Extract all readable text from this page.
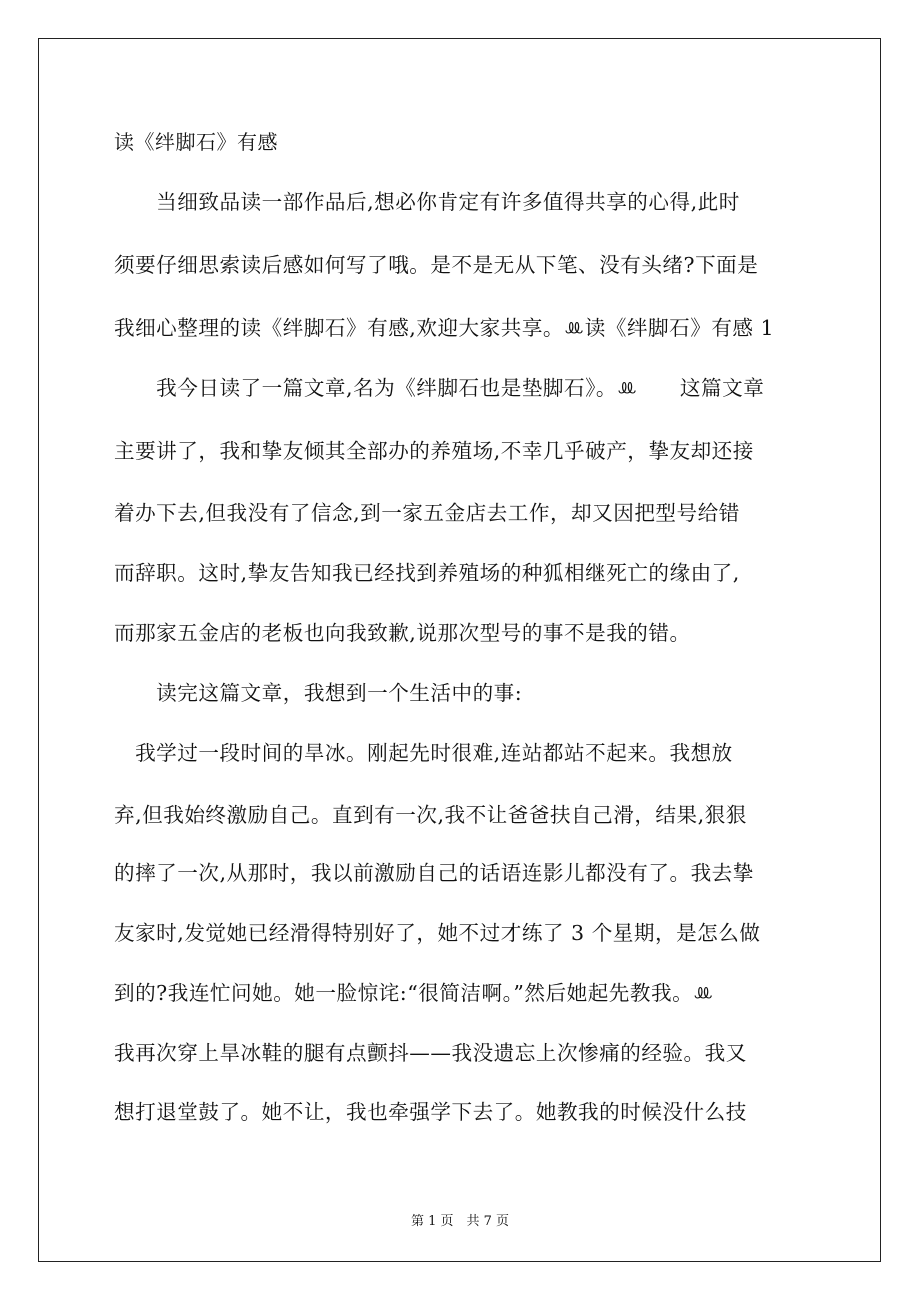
读《绊脚石》有感
　　当细致品读一部作品后,想必你肯定有许多值得共享的心得,此时
须要仔细思索读后感如何写了哦。是不是无从下笔、没有头绪?下面是
我细心整理的读《绊脚石》有感,欢迎大家共享。ꔛ读《绊脚石》有感 1
　　我今日读了一篇文章,名为《绊脚石也是垫脚石》。ꔛ　　这篇文章
主要讲了，我和挚友倾其全部办的养殖场,不幸几乎破产，挚友却还接
着办下去,但我没有了信念,到一家五金店去工作，却又因把型号给错
而辞职。这时,挚友告知我已经找到养殖场的种狐相继死亡的缘由了,
而那家五金店的老板也向我致歉,说那次型号的事不是我的错。
　　读完这篇文章，我想到一个生活中的事:
　我学过一段时间的旱冰。刚起先时很难,连站都站不起来。我想放
弃,但我始终激励自己。直到有一次,我不让爸爸扶自己滑，结果,狠狠
的摔了一次,从那时，我以前激励自己的话语连影儿都没有了。我去挚
友家时,发觉她已经滑得特别好了，她不过才练了 3 个星期，是怎么做
到的?我连忙问她。她一脸惊诧:“很简洁啊。”然后她起先教我。ꔛ
我再次穿上旱冰鞋的腿有点颤抖——我没遗忘上次惨痛的经验。我又
想打退堂鼓了。她不让，我也牵强学下去了。她教我的时候没什么技
第 1 页　共 7 页
